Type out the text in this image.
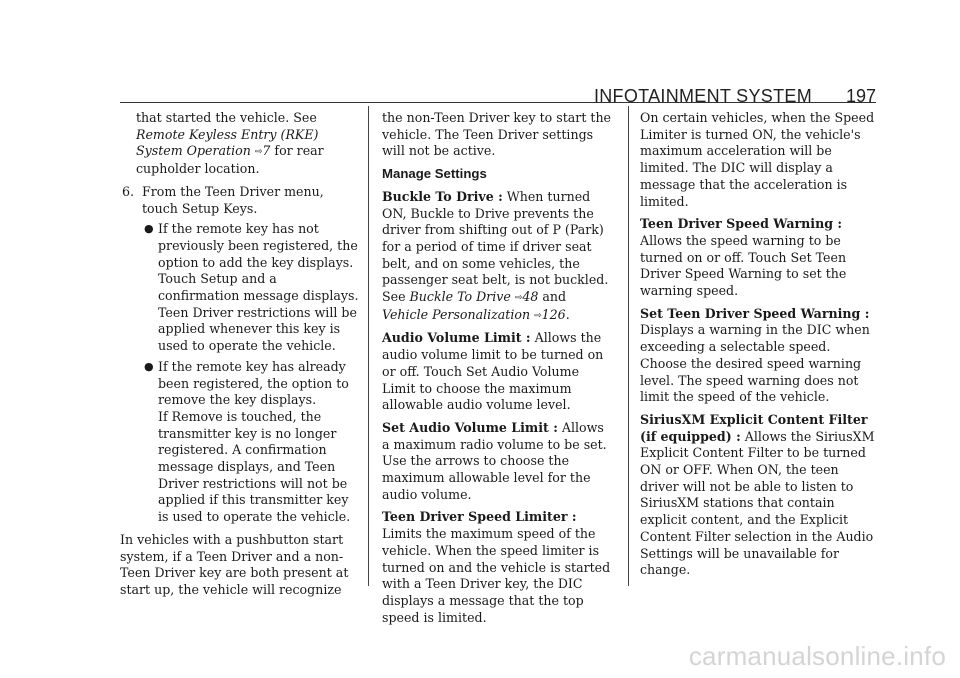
INFOTAINMENT SYSTEM 197

that started the vehicle. See Remote Keyless Entry (RKE) System Operation ⇨7 for rear cupholder location.

6. From the Teen Driver menu, touch Setup Keys.
● If the remote key has not previously been registered, the option to add the key displays. Touch Setup and a confirmation message displays. Teen Driver restrictions will be applied whenever this key is used to operate the vehicle.
● If the remote key has already been registered, the option to remove the key displays.
If Remove is touched, the transmitter key is no longer registered. A confirmation message displays, and Teen Driver restrictions will not be applied if this transmitter key is used to operate the vehicle.

In vehicles with a pushbutton start system, if a Teen Driver and a non-Teen Driver key are both present at start up, the vehicle will recognize

the non-Teen Driver key to start the vehicle. The Teen Driver settings will not be active.

Manage Settings

Buckle To Drive : When turned ON, Buckle to Drive prevents the driver from shifting out of P (Park) for a period of time if driver seat belt, and on some vehicles, the passenger seat belt, is not buckled. See Buckle To Drive ⇨48 and Vehicle Personalization ⇨126.

Audio Volume Limit : Allows the audio volume limit to be turned on or off. Touch Set Audio Volume Limit to choose the maximum allowable audio volume level.

Set Audio Volume Limit : Allows a maximum radio volume to be set. Use the arrows to choose the maximum allowable level for the audio volume.

Teen Driver Speed Limiter : Limits the maximum speed of the vehicle. When the speed limiter is turned on and the vehicle is started with a Teen Driver key, the DIC displays a message that the top speed is limited.

On certain vehicles, when the Speed Limiter is turned ON, the vehicle's maximum acceleration will be limited. The DIC will display a message that the acceleration is limited.

Teen Driver Speed Warning : Allows the speed warning to be turned on or off. Touch Set Teen Driver Speed Warning to set the warning speed.

Set Teen Driver Speed Warning : Displays a warning in the DIC when exceeding a selectable speed. Choose the desired speed warning level. The speed warning does not limit the speed of the vehicle.

SiriusXM Explicit Content Filter (if equipped) : Allows the SiriusXM Explicit Content Filter to be turned ON or OFF. When ON, the teen driver will not be able to listen to SiriusXM stations that contain explicit content, and the Explicit Content Filter selection in the Audio Settings will be unavailable for change.

carmanualsonline.info
